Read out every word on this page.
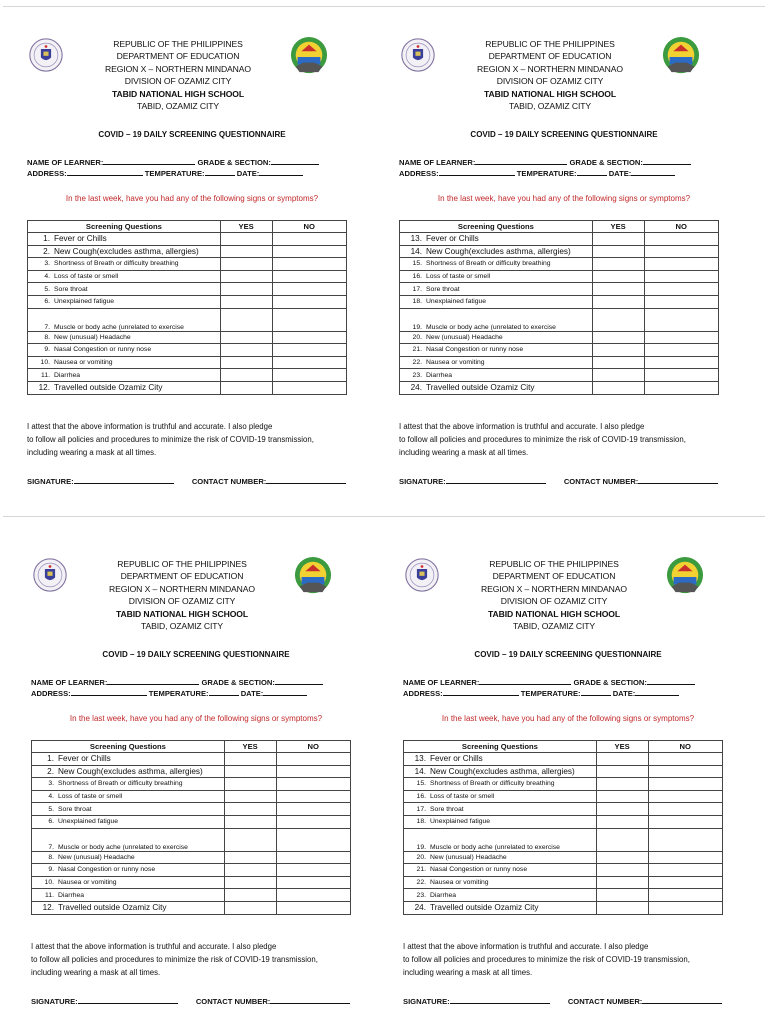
REPUBLIC OF THE PHILIPPINES
DEPARTMENT OF EDUCATION
REGION X – NORTHERN MINDANAO
DIVISION OF OZAMIZ CITY
TABID NATIONAL HIGH SCHOOL
TABID, OZAMIZ CITY
COVID – 19 DAILY SCREENING QUESTIONNAIRE
NAME OF LEARNER:	GRADE & SECTION:
ADDRESS:	TEMPERATURE:	DATE:
In the last week, have you had any of the following signs or symptoms?
Screening Questions	YES	NO
1. Fever or Chills		
2. New Cough(excludes asthma, allergies)		
3. Shortness of Breath or difficulty breathing		
4. Loss of taste or smell		
5. Sore throat		
6. Unexplained fatigue		
7. Muscle or body ache (unrelated to exercise		
8. New (unusual) Headache		
9. Nasal Congestion or runny nose		
10. Nausea or vomiting		
11. Diarrhea		
12. Travelled outside Ozamiz City		
I attest that the above information is truthful and accurate. I also pledge
to follow all policies and procedures to minimize the risk of COVID-19 transmission,
including wearing a mask at all times.
SIGNATURE:	CONTACT NUMBER:
REPUBLIC OF THE PHILIPPINES
DEPARTMENT OF EDUCATION
REGION X – NORTHERN MINDANAO
DIVISION OF OZAMIZ CITY
TABID NATIONAL HIGH SCHOOL
TABID, OZAMIZ CITY
COVID – 19 DAILY SCREENING QUESTIONNAIRE
NAME OF LEARNER:	GRADE & SECTION:
ADDRESS:	TEMPERATURE:	DATE:
In the last week, have you had any of the following signs or symptoms?
Screening Questions	YES	NO
13. Fever or Chills		
14. New Cough(excludes asthma, allergies)		
15. Shortness of Breath or difficulty breathing		
16. Loss of taste or smell		
17. Sore throat		
18. Unexplained fatigue		
19. Muscle or body ache (unrelated to exercise		
20. New (unusual) Headache		
21. Nasal Congestion or runny nose		
22. Nausea or vomiting		
23. Diarrhea		
24. Travelled outside Ozamiz City		
I attest that the above information is truthful and accurate. I also pledge
to follow all policies and procedures to minimize the risk of COVID-19 transmission,
including wearing a mask at all times.
SIGNATURE:	CONTACT NUMBER:
REPUBLIC OF THE PHILIPPINES
DEPARTMENT OF EDUCATION
REGION X – NORTHERN MINDANAO
DIVISION OF OZAMIZ CITY
TABID NATIONAL HIGH SCHOOL
TABID, OZAMIZ CITY
COVID – 19 DAILY SCREENING QUESTIONNAIRE
NAME OF LEARNER:	GRADE & SECTION:
ADDRESS:	TEMPERATURE:	DATE:
In the last week, have you had any of the following signs or symptoms?
Screening Questions	YES	NO
1. Fever or Chills		
2. New Cough(excludes asthma, allergies)		
3. Shortness of Breath or difficulty breathing		
4. Loss of taste or smell		
5. Sore throat		
6. Unexplained fatigue		
7. Muscle or body ache (unrelated to exercise		
8. New (unusual) Headache		
9. Nasal Congestion or runny nose		
10. Nausea or vomiting		
11. Diarrhea		
12. Travelled outside Ozamiz City		
I attest that the above information is truthful and accurate. I also pledge
to follow all policies and procedures to minimize the risk of COVID-19 transmission,
including wearing a mask at all times.
SIGNATURE:	CONTACT NUMBER:
REPUBLIC OF THE PHILIPPINES
DEPARTMENT OF EDUCATION
REGION X – NORTHERN MINDANAO
DIVISION OF OZAMIZ CITY
TABID NATIONAL HIGH SCHOOL
TABID, OZAMIZ CITY
COVID – 19 DAILY SCREENING QUESTIONNAIRE
NAME OF LEARNER:	GRADE & SECTION:
ADDRESS:	TEMPERATURE:	DATE:
In the last week, have you had any of the following signs or symptoms?
Screening Questions	YES	NO
13. Fever or Chills		
14. New Cough(excludes asthma, allergies)		
15. Shortness of Breath or difficulty breathing		
16. Loss of taste or smell		
17. Sore throat		
18. Unexplained fatigue		
19. Muscle or body ache (unrelated to exercise		
20. New (unusual) Headache		
21. Nasal Congestion or runny nose		
22. Nausea or vomiting		
23. Diarrhea		
24. Travelled outside Ozamiz City		
I attest that the above information is truthful and accurate. I also pledge
to follow all policies and procedures to minimize the risk of COVID-19 transmission,
including wearing a mask at all times.
SIGNATURE:	CONTACT NUMBER:
